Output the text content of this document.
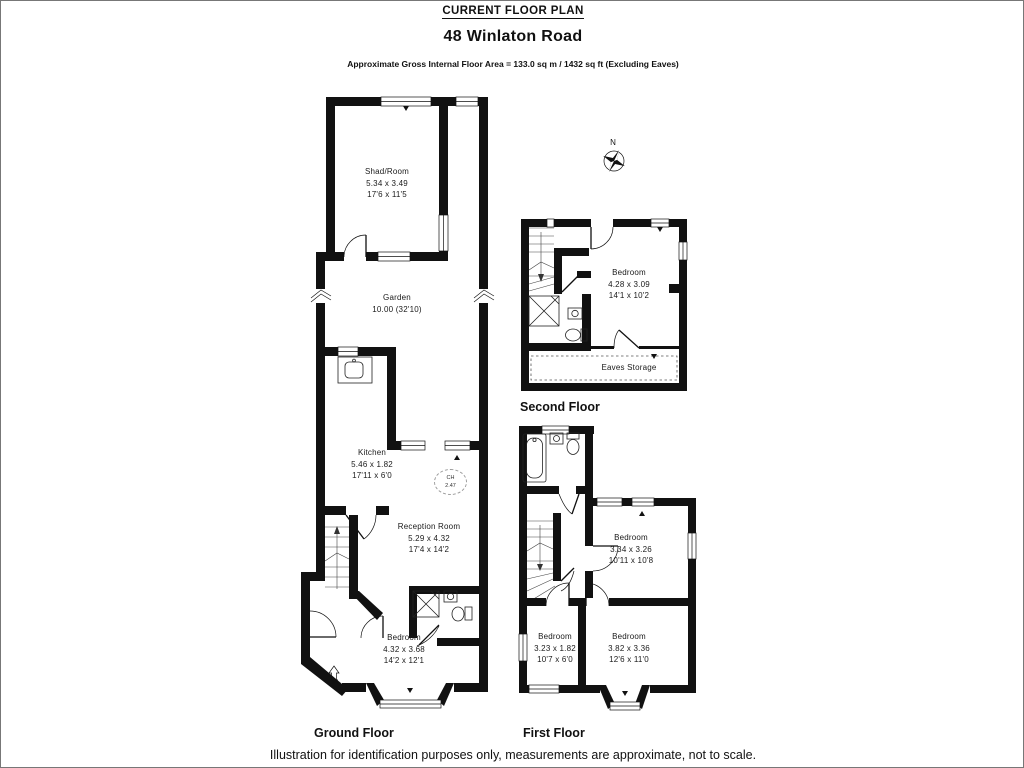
CURRENT FLOOR PLAN
48 Winlaton Road
Approximate Gross Internal Floor Area = 133.0 sq m / 1432 sq ft (Excluding Eaves)
N
Shad/Room
5.34 x 3.49
17'6 x 11'5
Garden
10.00 (32'10)
Kitchen
5.46 x 1.82
17'11 x 6'0	CH
2.47
Reception Room
5.29 x 4.32
17'4 x 14'2
Bedroom
4.32 x 3.68
14'2 x 12'1
IN
Ground Floor
Bedroom
4.28 x 3.09
14'1 x 10'2
Eaves Storage
Second Floor
Bedroom
3.34 x 3.26
10'11 x 10'8
Bedroom
3.23 x 1.82
10'7 x 6'0
Bedroom
3.82 x 3.36
12'6 x 11'0
First Floor
Illustration for identification purposes only, measurements are approximate, not to scale.
